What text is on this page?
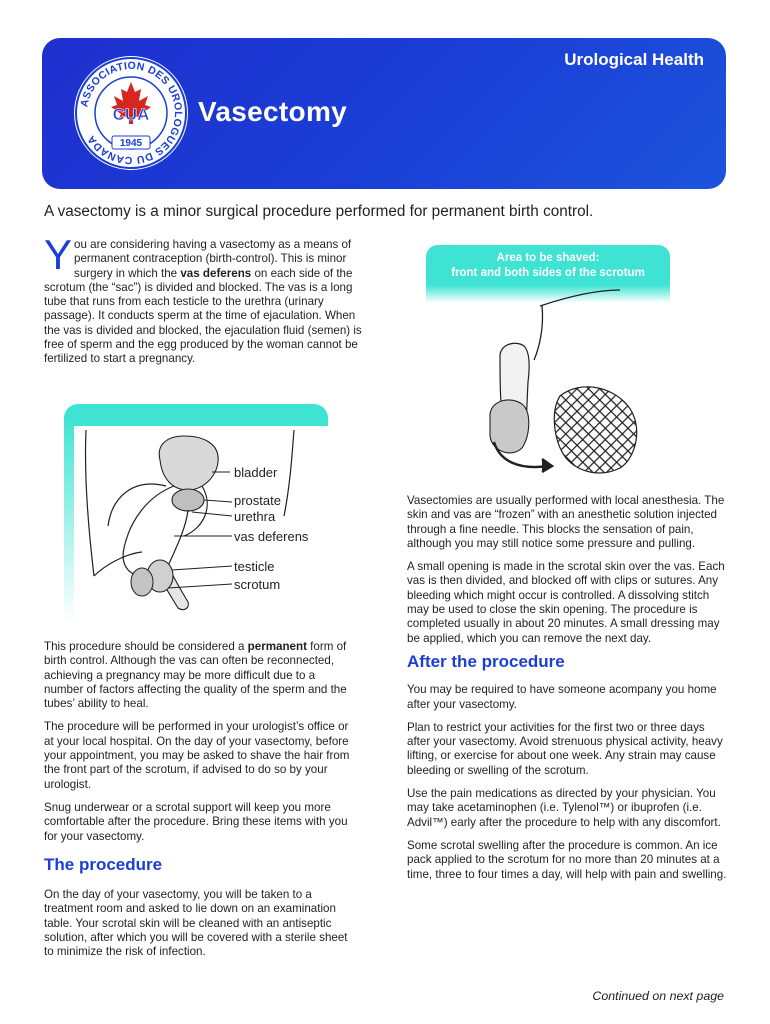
Urological Health
Vasectomy
ASSOCIATION DES UROLOGUES DU CANADA
CUA
1945
A vasectomy is a minor surgical procedure performed for permanent birth control.
You are considering having a vasectomy as a means of permanent contraception (birth-control). This is minor surgery in which the vas deferens on each side of the scrotum (the “sac”) is divided and blocked. The vas is a long tube that runs from each testicle to the urethra (urinary passage). It conducts sperm at the time of ejaculation. When the vas is divided and blocked, the ejaculation fluid (semen) is free of sperm and the egg produced by the woman cannot be fertilized to start a pregnancy.
bladder
prostate
urethra
vas deferens
testicle
scrotum

This procedure should be considered a permanent form of birth control. Although the vas can often be reconnected, achieving a pregnancy may be more difficult due to a number of factors affecting the quality of the sperm and the tubes’ ability to heal.

The procedure will be performed in your urologist’s office or at your local hospital. On the day of your vasectomy, before your appointment, you may be asked to shave the hair from the front part of the scrotum, if advised to do so by your urologist.

Snug underwear or a scrotal support will keep you more comfortable after the procedure. Bring these items with you for your vasectomy.

The procedure

On the day of your vasectomy, you will be taken to a treatment room and asked to lie down on an examination table. Your scrotal skin will be cleaned with an antiseptic solution, after which you will be covered with a sterile sheet to minimize the risk of infection.

Area to be shaved:
front and both sides of the scrotum

Vasectomies are usually performed with local anesthesia. The skin and vas are “frozen” with an anesthetic solution injected through a fine needle. This blocks the sensation of pain, although you may still notice some pressure and pulling.

A small opening is made in the scrotal skin over the vas. Each vas is then divided, and blocked off with clips or sutures. Any bleeding which might occur is controlled. A dissolving stitch may be used to close the skin opening. The procedure is completed usually in about 20 minutes. A small dressing may be applied, which you can remove the next day.

After the procedure

You may be required to have someone acompany you home after your vasectomy.

Plan to restrict your activities for the first two or three days after your vasectomy. Avoid strenuous physical activity, heavy lifting, or exercise for about one week. Any strain may cause bleeding or swelling of the scrotum.

Use the pain medications as directed by your physician. You may take acetaminophen (i.e. Tylenol™) or ibuprofen (i.e. Advil™) early after the procedure to help with any discomfort.

Some scrotal swelling after the procedure is common. An ice pack applied to the scrotum for no more than 20 minutes at a time, three to four times a day, will help with pain and swelling.

Continued on next page
